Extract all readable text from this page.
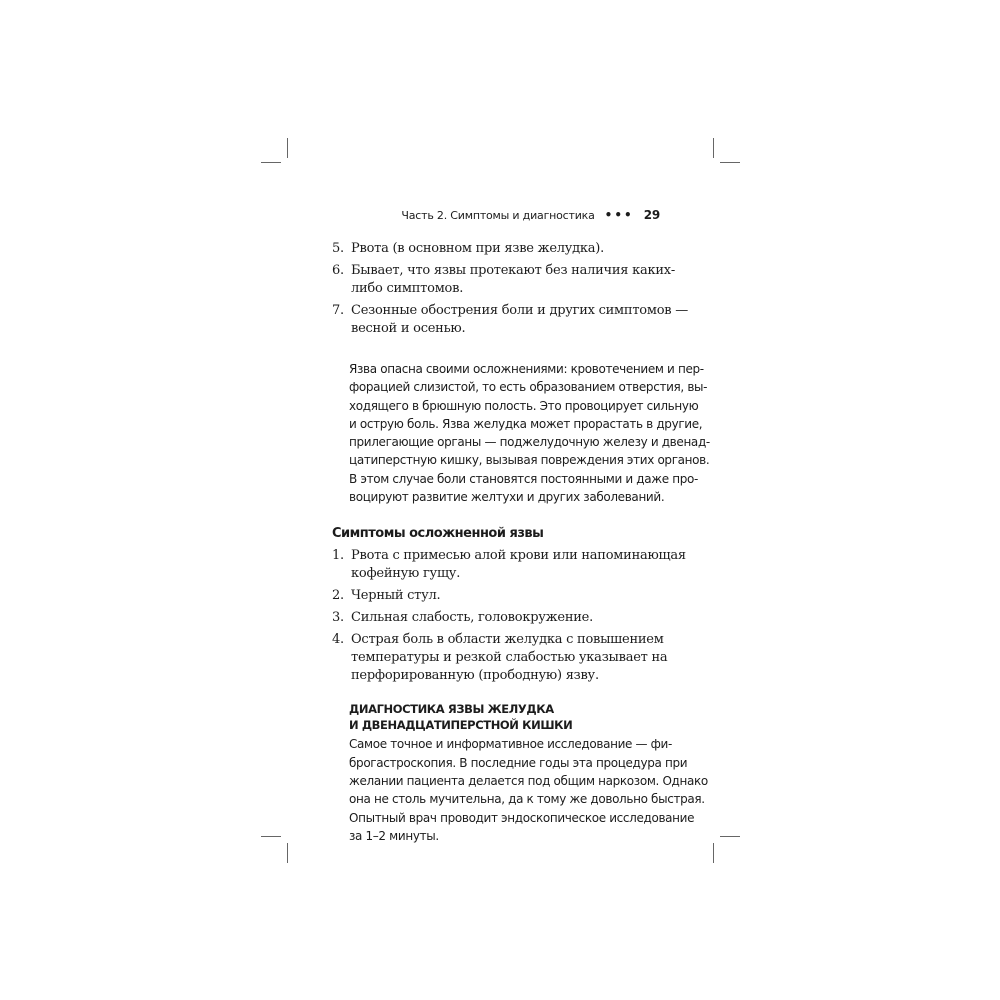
Часть 2. Симптомы и диагностика ••• 29
5. Рвота (в основном при язве желудка).
6. Бывает, что язвы протекают без наличия каких-
либо симптомов.
7. Сезонные обострения боли и других симптомов —
весной и осенью.

Язва опасна своими осложнениями: кровотечением и пер-
форацией слизистой, то есть образованием отверстия, вы-
ходящего в брюшную полость. Это провоцирует сильную
и острую боль. Язва желудка может прорастать в другие,
прилегающие органы — поджелудочную железу и двенад-
цатиперстную кишку, вызывая повреждения этих органов.
В этом случае боли становятся постоянными и даже про-
воцируют развитие желтухи и других заболеваний.

Симптомы осложненной язвы
1. Рвота с примесью алой крови или напоминающая
кофейную гущу.
2. Черный стул.
3. Сильная слабость, головокружение.
4. Острая боль в области желудка с повышением
температуры и резкой слабостью указывает на
перфорированную (прободную) язву.
ДИАГНОСТИКА ЯЗВЫ ЖЕЛУДКА
И ДВЕНАДЦАТИПЕРСТНОЙ КИШКИ

Самое точное и информативное исследование — фи-
брогастроскопия. В последние годы эта процедура при
желании пациента делается под общим наркозом. Однако
она не столь мучительна, да к тому же довольно быстрая.
Опытный врач проводит эндоскопическое исследование
за 1–2 минуты.
